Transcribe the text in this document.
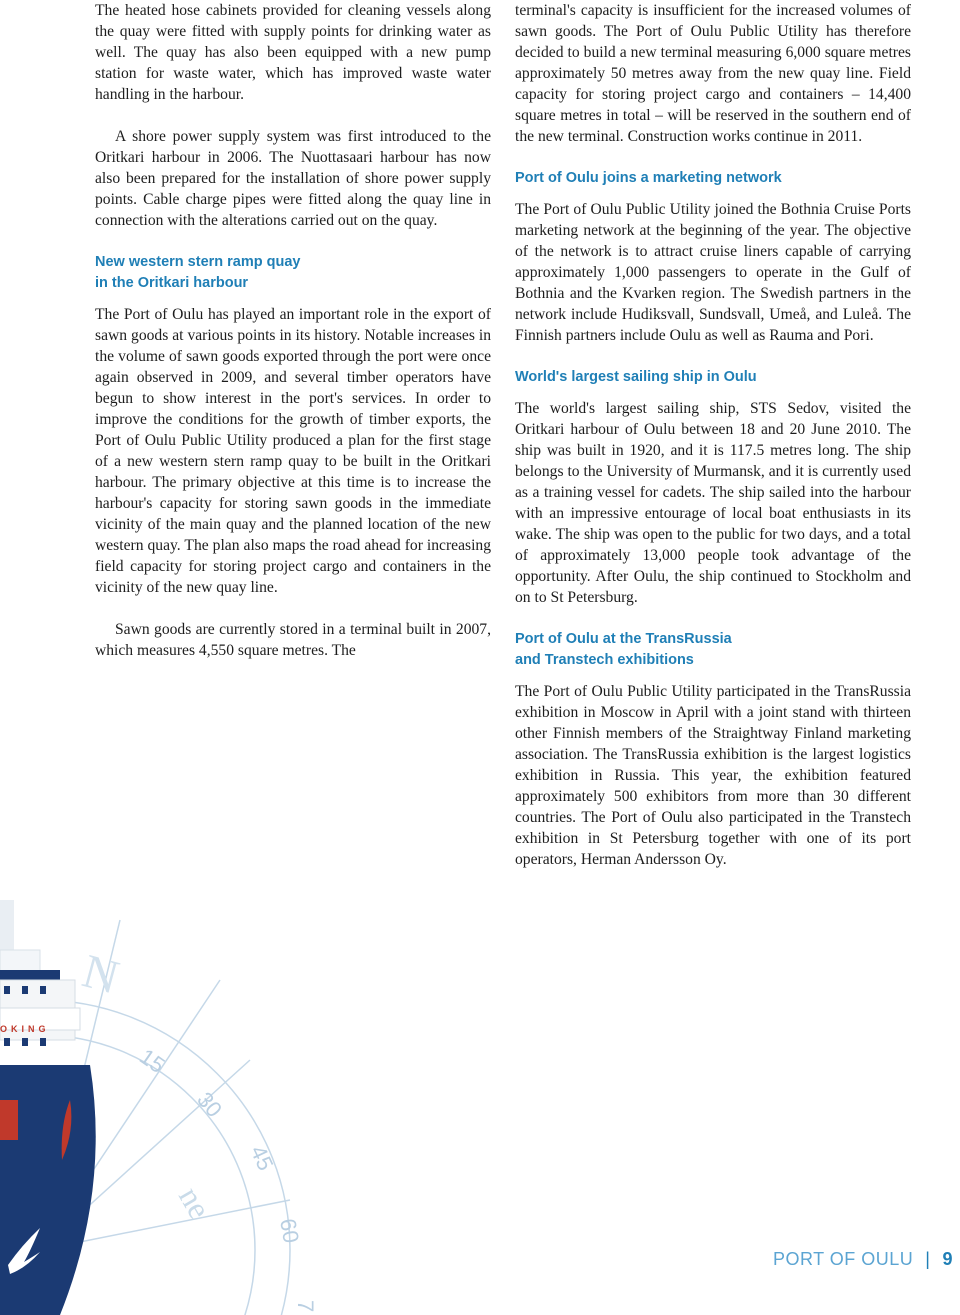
N
15
30
45
ne
60
7
OKING

The heated hose cabinets provided for cleaning vessels along the quay were fitted with supply points for drinking water as well. The quay has also been equipped with a new pump station for waste water, which has improved waste water handling in the harbour.

A shore power supply system was first introduced to the Oritkari harbour in 2006. The Nuottasaari harbour has now also been prepared for the installation of shore power supply points. Cable charge pipes were fitted along the quay line in connection with the alterations carried out on the quay.

New western stern ramp quay
in the Oritkari harbour

The Port of Oulu has played an important role in the export of sawn goods at various points in its history. Notable increases in the volume of sawn goods exported through the port were once again observed in 2009, and several timber operators have begun to show interest in the port's services. In order to improve the conditions for the growth of timber exports, the Port of Oulu Public Utility produced a plan for the first stage of a new western stern ramp quay to be built in the Oritkari harbour. The primary objective at this time is to increase the harbour's capacity for storing sawn goods in the immediate vicinity of the main quay and the planned location of the new western quay. The plan also maps the road ahead for increasing field capacity for storing project cargo and containers in the vicinity of the new quay line.

Sawn goods are currently stored in a terminal built in 2007, which measures 4,550 square metres. The

terminal's capacity is insufficient for the increased volumes of sawn goods. The Port of Oulu Public Utility has therefore decided to build a new terminal measuring 6,000 square metres approximately 50 metres away from the new quay line. Field capacity for storing project cargo and containers – 14,400 square metres in total – will be reserved in the southern end of the new terminal. Construction works continue in 2011.

Port of Oulu joins a marketing network

The Port of Oulu Public Utility joined the Bothnia Cruise Ports marketing network at the beginning of the year. The objective of the network is to attract cruise liners capable of carrying approximately 1,000 passengers to operate in the Gulf of Bothnia and the Kvarken region. The Swedish partners in the network include Hudiksvall, Sundsvall, Umeå, and Luleå. The Finnish partners include Oulu as well as Rauma and Pori.

World's largest sailing ship in Oulu

The world's largest sailing ship, STS Sedov, visited the Oritkari harbour of Oulu between 18 and 20 June 2010. The ship was built in 1920, and it is 117.5 metres long. The ship belongs to the University of Murmansk, and it is currently used as a training vessel for cadets. The ship sailed into the harbour with an impressive entourage of local boat enthusiasts in its wake. The ship was open to the public for two days, and a total of approximately 13,000 people took advantage of the opportunity. After Oulu, the ship continued to Stockholm and on to St Petersburg.

Port of Oulu at the TransRussia
and Transtech exhibitions

The Port of Oulu Public Utility participated in the TransRussia exhibition in Moscow in April with a joint stand with thirteen other Finnish members of the Straightway Finland marketing association. The TransRussia exhibition is the largest logistics exhibition in Russia. This year, the exhibition featured approximately 500 exhibitors from more than 30 different countries. The Port of Oulu also participated in the Transtech exhibition in St Petersburg together with one of its port operators, Herman Andersson Oy.

PORT OF OULU | 9
